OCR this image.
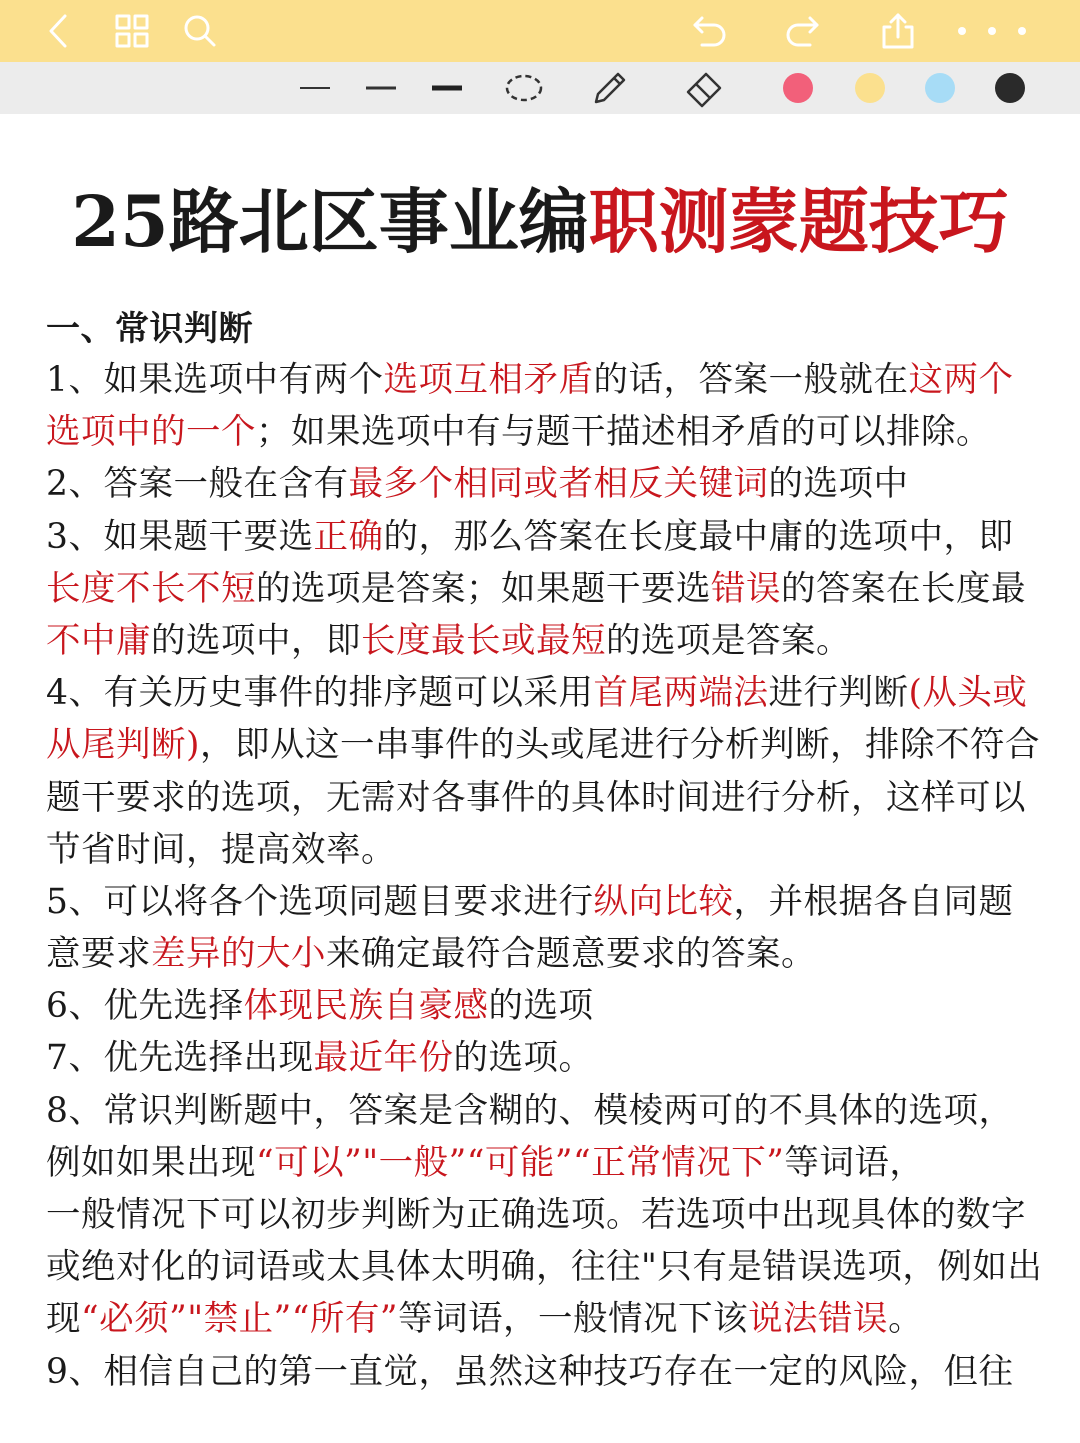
25路北区事业编职测蒙题技巧
一、常识判断
1、如果选项中有两个选项互相矛盾的话，答案一般就在这两个
选项中的一个；如果选项中有与题干描述相矛盾的可以排除。
2、答案一般在含有最多个相同或者相反关键词的选项中
3、如果题干要选正确的，那么答案在长度最中庸的选项中，即
长度不长不短的选项是答案；如果题干要选错误的答案在长度最
不中庸的选项中，即长度最长或最短的选项是答案。
4、有关历史事件的排序题可以采用首尾两端法进行判断(从头或
从尾判断)，即从这一串事件的头或尾进行分析判断，排除不符合
题干要求的选项，无需对各事件的具体时间进行分析，这样可以
节省时间，提高效率。
5、可以将各个选项同题目要求进行纵向比较，并根据各自同题
意要求差异的大小来确定最符合题意要求的答案。
6、优先选择体现民族自豪感的选项
7、优先选择出现最近年份的选项。
8、常识判断题中，答案是含糊的、模棱两可的不具体的选项，
例如如果出现“可以”"一般”“可能”“正常情况下”等词语，
一般情况下可以初步判断为正确选项。若选项中出现具体的数字
或绝对化的词语或太具体太明确，往往"只有是错误选项，例如出
现“必须”"禁止”“所有”等词语，一般情况下该说法错误。
9、相信自己的第一直觉，虽然这种技巧存在一定的风险，但往
